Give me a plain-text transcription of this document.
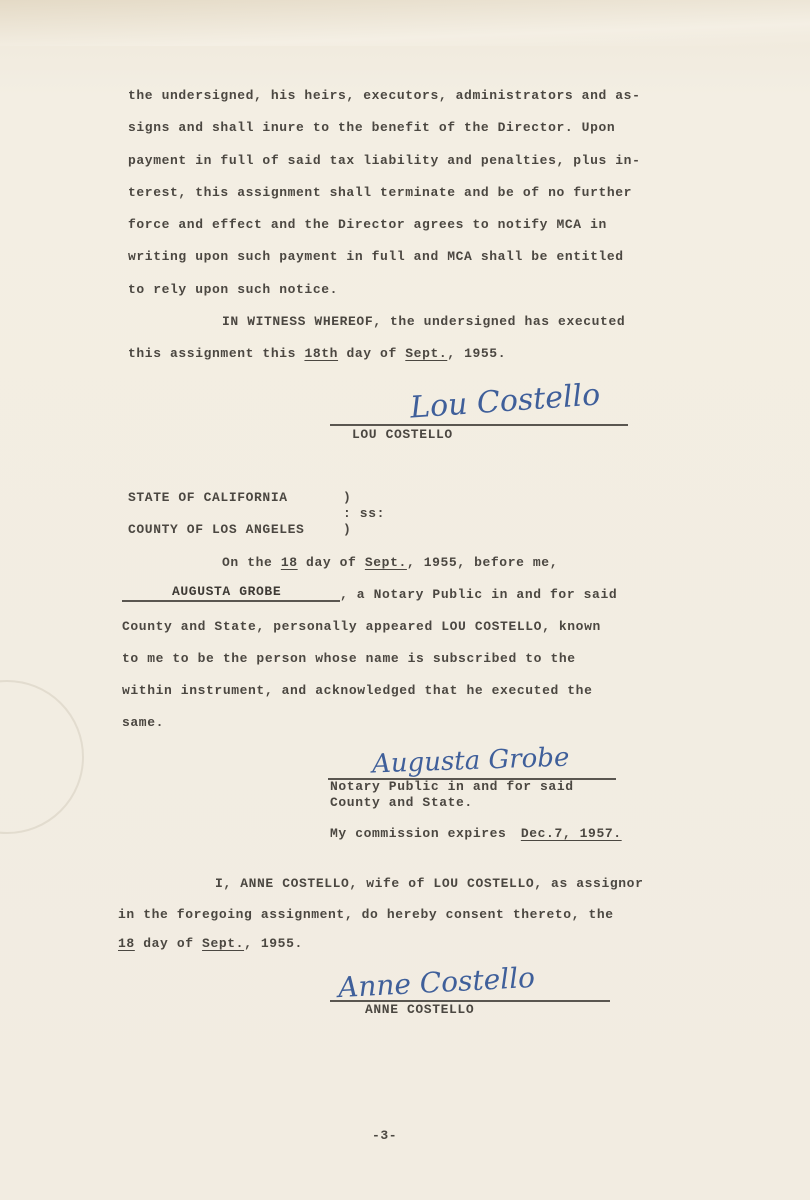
the undersigned, his heirs, executors, administrators and as-
signs and shall inure to the benefit of the Director. Upon
payment in full of said tax liability and penalties, plus in-
terest, this assignment shall terminate and be of no further
force and effect and the Director agrees to notify MCA in
writing upon such payment in full and MCA shall be entitled
to rely upon such notice.
IN WITNESS WHEREOF, the undersigned has executed
this assignment this 18th day of Sept., 1955.
Lou Costello
LOU COSTELLO
STATE OF CALIFORNIA	)
: ss:
COUNTY OF LOS ANGELES	)
On the 18 day of Sept., 1955, before me,
AUGUSTA GROBE	, a Notary Public in and for said
County and State, personally appeared LOU COSTELLO, known
to me to be the person whose name is subscribed to the
within instrument, and acknowledged that he executed the
same.
Augusta Grobe
Notary Public in and for said
County and State.
My commission expires Dec.7, 1957.
I, ANNE COSTELLO, wife of LOU COSTELLO, as assignor
in the foregoing assignment, do hereby consent thereto, the
18 day of Sept., 1955.
Anne Costello
ANNE COSTELLO
-3-
